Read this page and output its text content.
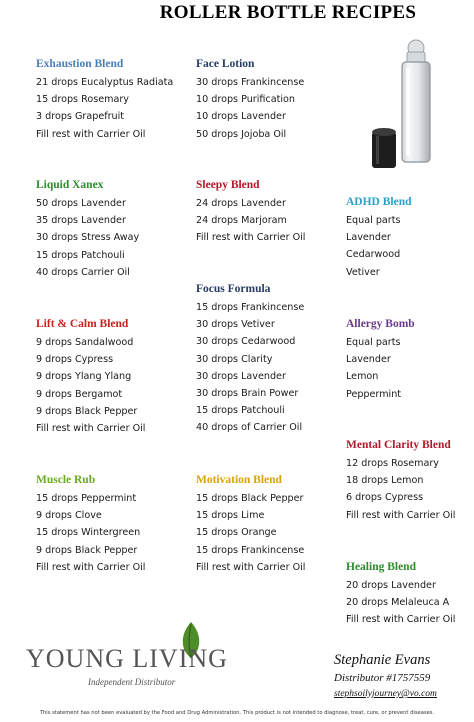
ROLLER BOTTLE RECIPES
Exhaustion Blend
21 drops Eucalyptus Radiata
15 drops Rosemary
3 drops Grapefruit
Fill rest with Carrier Oil
Face Lotion
30 drops Frankincense
10 drops Purification
10 drops Lavender
50 drops Jojoba Oil
Liquid Xanex
50 drops Lavender
35 drops Lavender
30 drops Stress Away
15 drops Patchouli
40 drops Carrier Oil
Sleepy Blend
24 drops Lavender
24 drops Marjoram
Fill rest with Carrier Oil
ADHD Blend
Equal parts
Lavender
Cedarwood
Vetiver
Focus Formula
15 drops Frankincense
30 drops Vetiver
30 drops Cedarwood
30 drops Clarity
30 drops Lavender
30 drops Brain Power
15 drops Patchouli
40 drops of Carrier Oil
Lift & Calm Blend
9 drops Sandalwood
9 drops Cypress
9 drops Ylang Ylang
9 drops Bergamot
9 drops Black Pepper
Fill rest with Carrier Oil
Allergy Bomb
Equal parts
Lavender
Lemon
Peppermint
Mental Clarity Blend
12 drops Rosemary
18 drops Lemon
6 drops Cypress
Fill rest with Carrier Oil
Muscle Rub
15 drops Peppermint
9 drops Clove
15 drops Wintergreen
9 drops Black Pepper
Fill rest with Carrier Oil
Motivation Blend
15 drops Black Pepper
15 drops Lime
15 drops Orange
15 drops Frankincense
Fill rest with Carrier Oil	Healing Blend
20 drops Lavender
20 drops Melaleuca A
Fill rest with Carrier Oil
YOUNG LIVING
Independent Distributor
Stephanie Evans
Distributor #1757559
stephsoilyjourney@vo.com
This statement has not been evaluated by the Food and Drug Administration. This product is not intended to diagnose, treat, cure, or prevent diseases.
